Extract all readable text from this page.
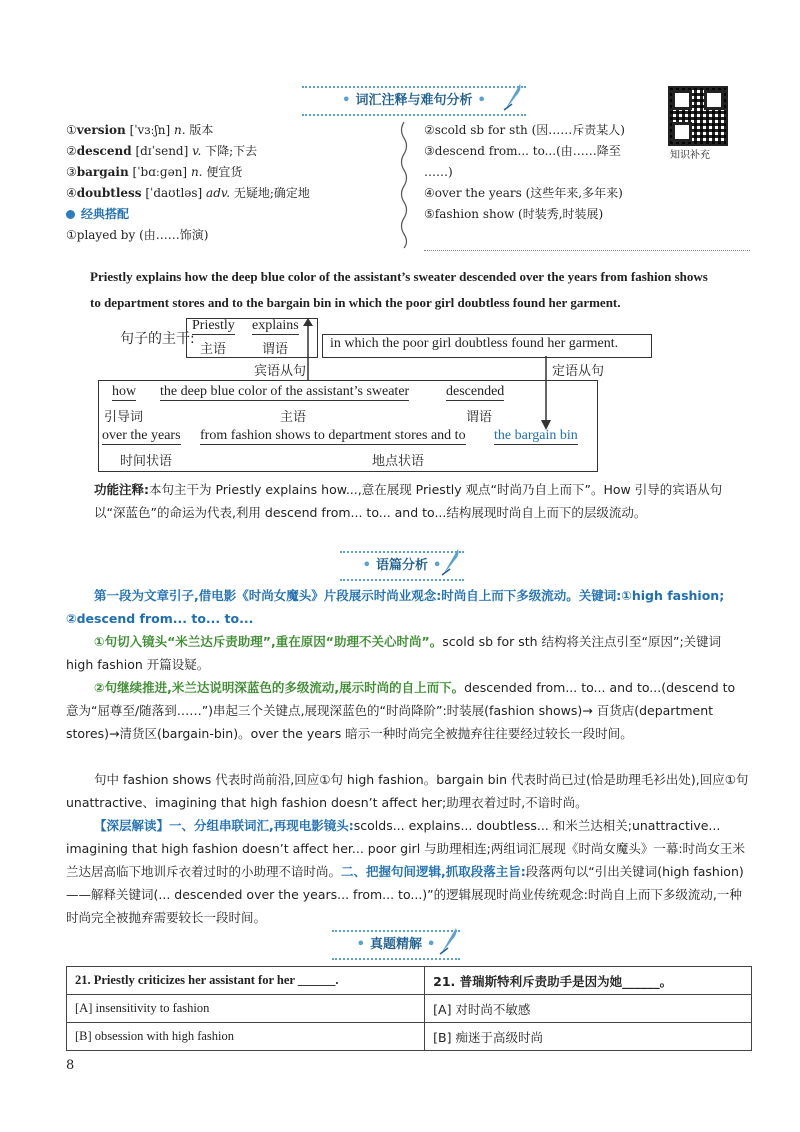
• 词汇注释与难句分析 •
知识补充
①version [ˈvɜːʃn] n. 版本
②descend [dɪˈsend] v. 下降;下去
③bargain [ˈbɑːɡən] n. 便宜货
④doubtless [ˈdaʊtləs] adv. 无疑地;确定地
经典搭配
①played by (由……饰演)
②scold sb for sth (因……斥责某人)
③descend from... to...(由……降至
……)
④over the years (这些年来,多年来)
⑤fashion show (时装秀,时装展)
Priestly explains how the deep blue color of the assistant’s sweater descended over the years from fashion shows
to department stores and to the bargain bin in which the poor girl doubtless found her garment.
句子的主干:
Priestly explains
主语	谓语	in which the poor girl doubtless found her garment.
宾语从句	定语从句
how the deep blue color of the assistant’s sweater	descended
引导词	主语	谓语
over the years from fashion shows to department stores and to the bargain bin
时间状语	地点状语
功能注释:本句主干为 Priestly explains how...,意在展现 Priestly 观点“时尚乃自上而下”。How 引导的宾语从句以“深蓝色”的命运为代表,利用 descend from... to... and to...结构展现时尚自上而下的层级流动。
• 语篇分析 •
第一段为文章引子,借电影《时尚女魔头》片段展示时尚业观念:时尚自上而下多级流动。关键词:①high fashion; ②descend from... to... to...
①句切入镜头“米兰达斥责助理”,重在原因“助理不关心时尚”。scold sb for sth 结构将关注点引至“原因”;关键词 high fashion 开篇设疑。
②句继续推进,米兰达说明深蓝色的多级流动,展示时尚的自上而下。descended from... to... and to...(descend to 意为“屈尊至/随落到……”)串起三个关键点,展现深蓝色的“时尚降阶”:时装展(fashion shows)→ 百货店(department stores)→清货区(bargain-bin)。over the years 暗示一种时尚完全被抛弃往往要经过较长一段时间。
句中 fashion shows 代表时尚前沿,回应①句 high fashion。bargain bin 代表时尚已过(恰是助理毛衫出处),回应①句 unattractive、imagining that high fashion doesn’t affect her;助理衣着过时,不谙时尚。
【深层解读】一、分组串联词汇,再现电影镜头:scolds... explains... doubtless... 和米兰达相关;unattractive... imagining that high fashion doesn’t affect her... poor girl 与助理相连;两组词汇展现《时尚女魔头》一幕:时尚女王米兰达居高临下地训斥衣着过时的小助理不谙时尚。二、把握句间逻辑,抓取段落主旨:段落两句以“引出关键词(high fashion)——解释关键词(... descended over the years... from... to...)”的逻辑展现时尚业传统观念:时尚自上而下多级流动,一种时尚完全被抛弃需要较长一段时间。
• 真题精解 •
21. Priestly criticizes her assistant for her ______.	21. 普瑞斯特利斥责助手是因为她______。
[A] insensitivity to fashion	[A] 对时尚不敏感
[B] obsession with high fashion	[B] 痴迷于高级时尚
8
